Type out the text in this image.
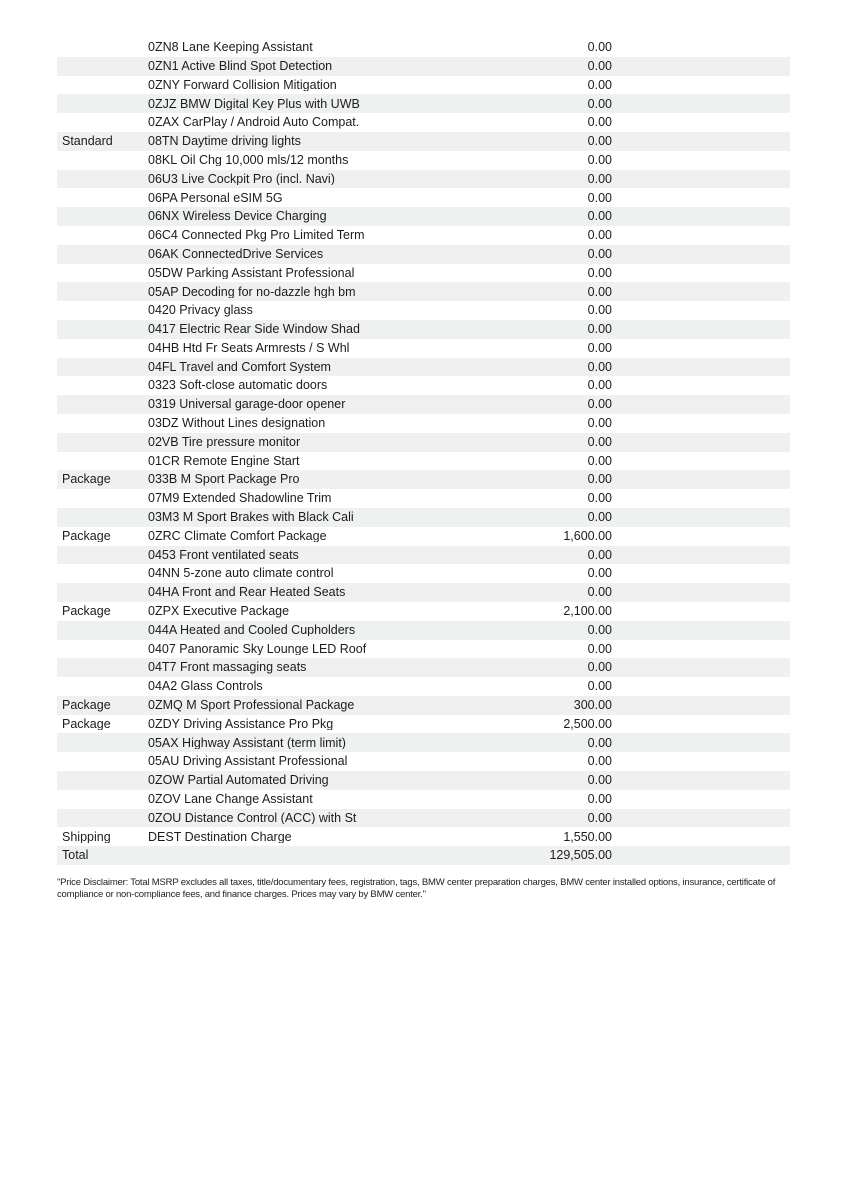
0ZN8 Lane Keeping Assistant	0.00
0ZN1 Active Blind Spot Detection	0.00
0ZNY Forward Collision Mitigation	0.00
0ZJZ BMW Digital Key Plus with UWB	0.00
0ZAX CarPlay / Android Auto Compat.	0.00
Standard	08TN Daytime driving lights	0.00
08KL Oil Chg 10,000 mls/12 months	0.00
06U3 Live Cockpit Pro (incl. Navi)	0.00
06PA Personal eSIM 5G	0.00
06NX Wireless Device Charging	0.00
06C4 Connected Pkg Pro Limited Term	0.00
06AK ConnectedDrive Services	0.00
05DW Parking Assistant Professional	0.00
05AP Decoding for no-dazzle hgh bm	0.00
0420 Privacy glass	0.00
0417 Electric Rear Side Window Shad	0.00
04HB Htd Fr Seats Armrests / S Whl	0.00
04FL Travel and Comfort System	0.00
0323 Soft-close automatic doors	0.00
0319 Universal garage-door opener	0.00
03DZ Without Lines designation	0.00
02VB Tire pressure monitor	0.00
01CR Remote Engine Start	0.00
Package	033B M Sport Package Pro	0.00
07M9 Extended Shadowline Trim	0.00
03M3 M Sport Brakes with Black Cali	0.00
Package	0ZRC Climate Comfort Package	1,600.00
0453 Front ventilated seats	0.00
04NN 5-zone auto climate control	0.00
04HA Front and Rear Heated Seats	0.00
Package	0ZPX Executive Package	2,100.00
044A Heated and Cooled Cupholders	0.00
0407 Panoramic Sky Lounge LED Roof	0.00
04T7 Front massaging seats	0.00
04A2 Glass Controls	0.00
Package	0ZMQ M Sport Professional Package	300.00
Package	0ZDY Driving Assistance Pro Pkg	2,500.00
05AX Highway Assistant (term limit)	0.00
05AU Driving Assistant Professional	0.00
0ZOW Partial Automated Driving	0.00
0ZOV Lane Change Assistant	0.00
0ZOU Distance Control (ACC) with St	0.00
Shipping	DEST Destination Charge	1,550.00
Total	129,505.00

"Price Disclaimer: Total MSRP excludes all taxes, title/documentary fees, registration, tags, BMW center preparation charges, BMW center installed options, insurance, certificate of compliance or non-compliance fees, and finance charges. Prices may vary by BMW center."
